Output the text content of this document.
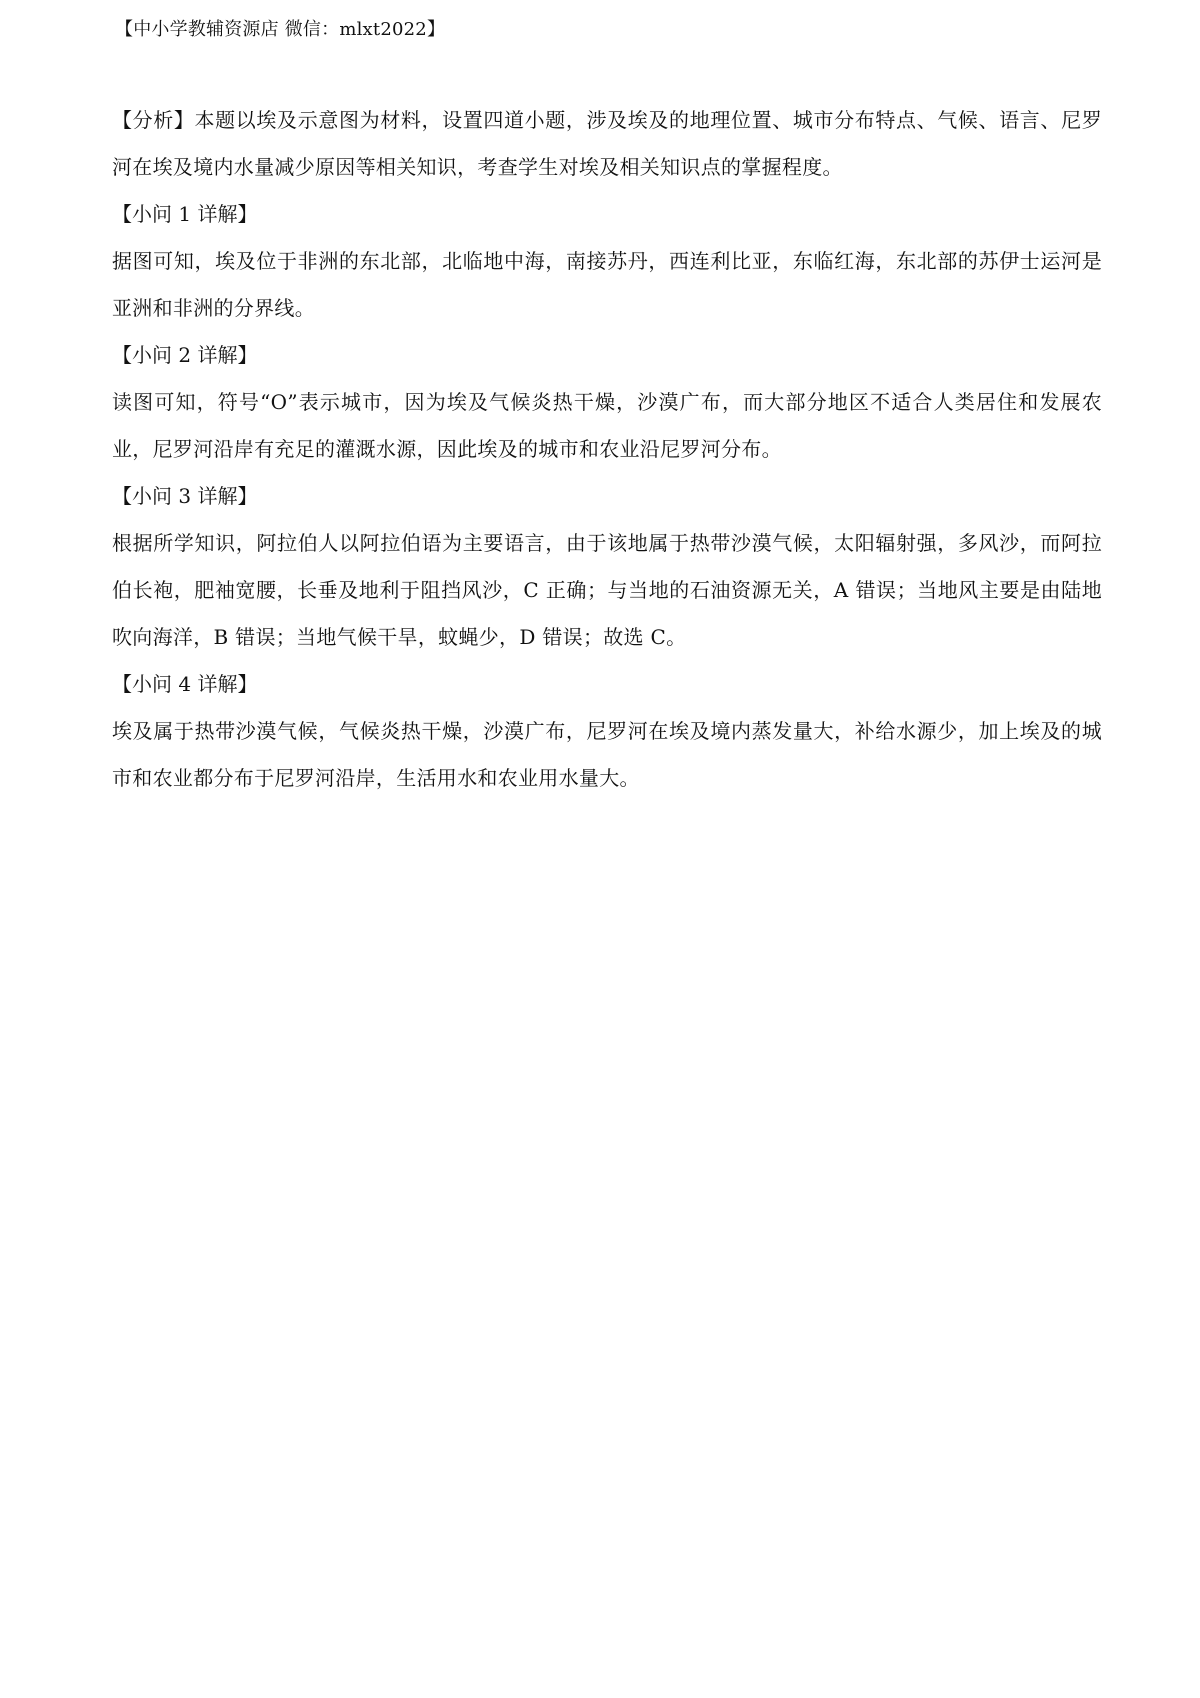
【中小学教辅资源店 微信：mlxt2022】

【分析】本题以埃及示意图为材料，设置四道小题，涉及埃及的地理位置、城市分布特点、气候、语言、尼罗河在埃及境内水量减少原因等相关知识，考查学生对埃及相关知识点的掌握程度。

【小问 1 详解】

据图可知，埃及位于非洲的东北部，北临地中海，南接苏丹，西连利比亚，东临红海，东北部的苏伊士运河是亚洲和非洲的分界线。

【小问 2 详解】

读图可知，符号“O”表示城市，因为埃及气候炎热干燥，沙漠广布，而大部分地区不适合人类居住和发展农业，尼罗河沿岸有充足的灌溉水源，因此埃及的城市和农业沿尼罗河分布。

【小问 3 详解】

根据所学知识，阿拉伯人以阿拉伯语为主要语言，由于该地属于热带沙漠气候，太阳辐射强，多风沙，而阿拉伯长袍，肥袖宽腰，长垂及地利于阻挡风沙，C 正确；与当地的石油资源无关，A 错误；当地风主要是由陆地吹向海洋，B 错误；当地气候干旱，蚊蝇少，D 错误；故选 C。

【小问 4 详解】

埃及属于热带沙漠气候，气候炎热干燥，沙漠广布，尼罗河在埃及境内蒸发量大，补给水源少，加上埃及的城市和农业都分布于尼罗河沿岸，生活用水和农业用水量大。
